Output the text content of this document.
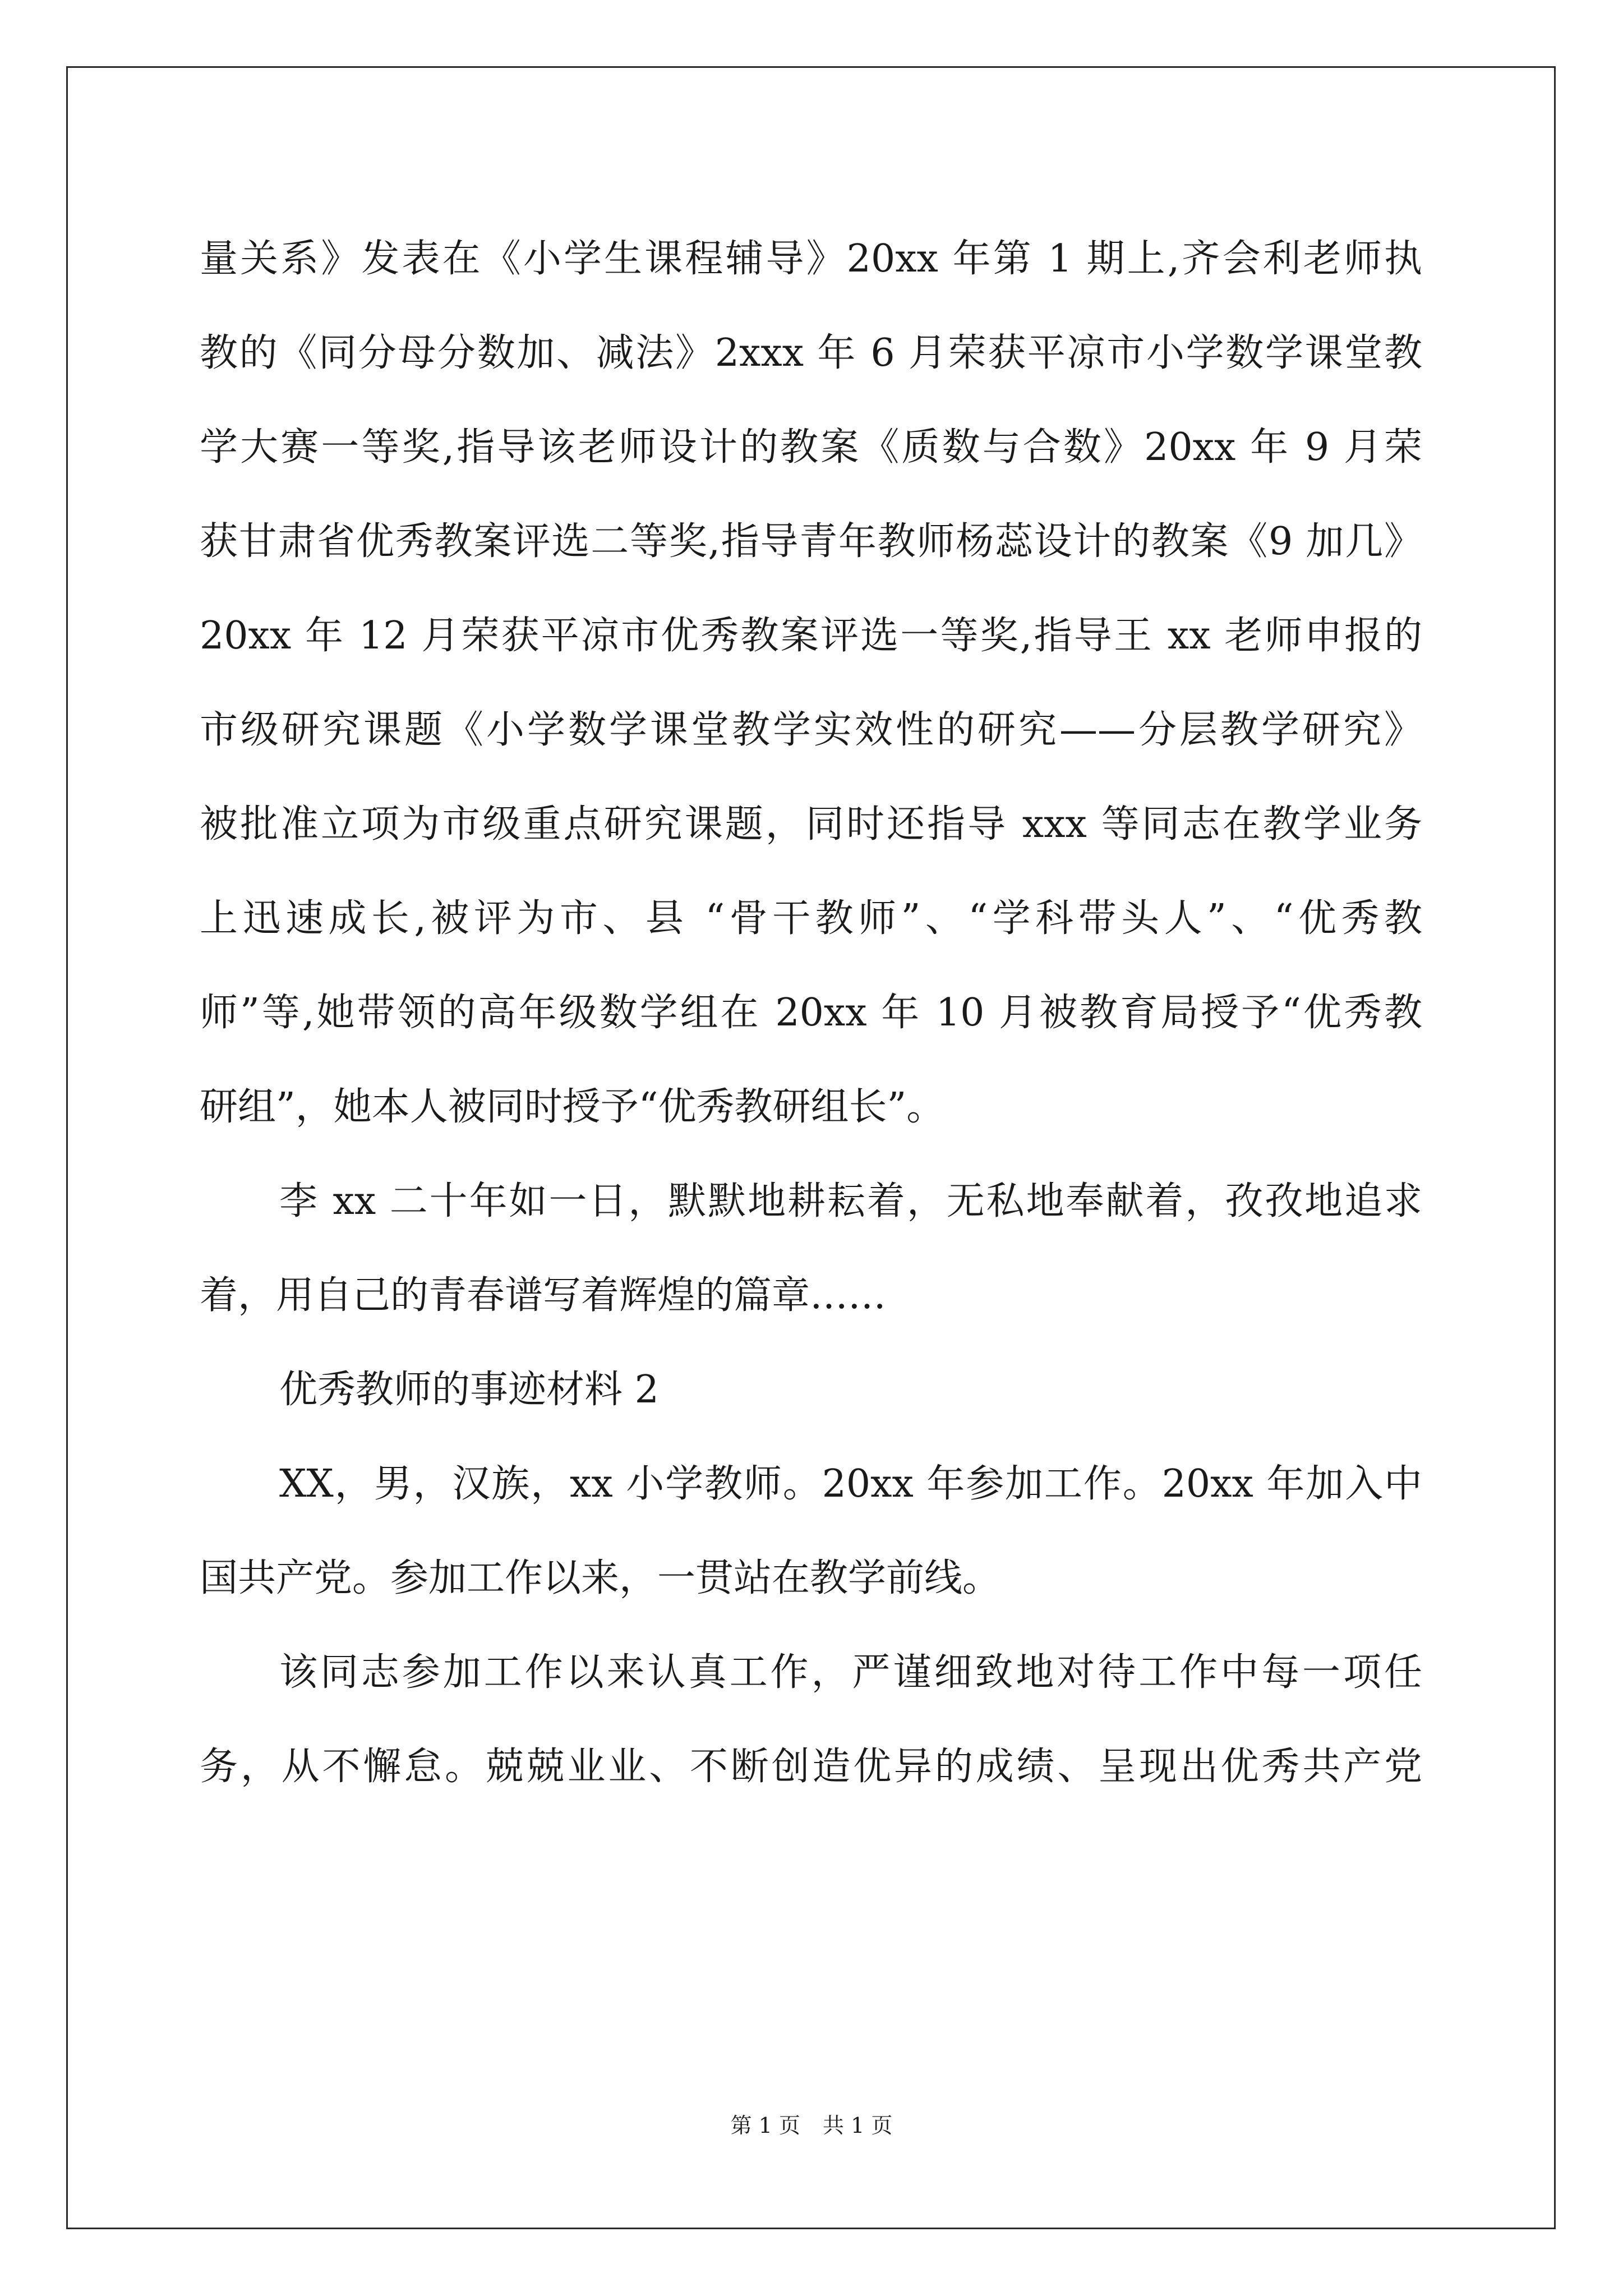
量关系》发表在《小学生课程辅导》20xx 年第 1 期上,齐会利老师执
教的《同分母分数加、减法》2xxx 年 6 月荣获平凉市小学数学课堂教
学大赛一等奖,指导该老师设计的教案《质数与合数》20xx 年 9 月荣
获甘肃省优秀教案评选二等奖,指导青年教师杨蕊设计的教案《9 加几》
20xx 年 12 月荣获平凉市优秀教案评选一等奖,指导王 xx 老师申报的
市级研究课题《小学数学课堂教学实效性的研究——分层教学研究》
被批准立项为市级重点研究课题，同时还指导 xxx 等同志在教学业务
上迅速成长,被评为市、县 “骨干教师”、“学科带头人”、“优秀教
师”等,她带领的高年级数学组在 20xx 年 10 月被教育局授予“优秀教
研组”，她本人被同时授予“优秀教研组长”。
李 xx 二十年如一日，默默地耕耘着，无私地奉献着，孜孜地追求
着，用自己的青春谱写着辉煌的篇章……
优秀教师的事迹材料 2
XX，男，汉族，xx 小学教师。20xx 年参加工作。20xx 年加入中
国共产党。参加工作以来，一贯站在教学前线。
该同志参加工作以来认真工作，严谨细致地对待工作中每一项任
务，从不懈怠。兢兢业业、不断创造优异的成绩、呈现出优秀共产党
第 1 页 共 1 页
